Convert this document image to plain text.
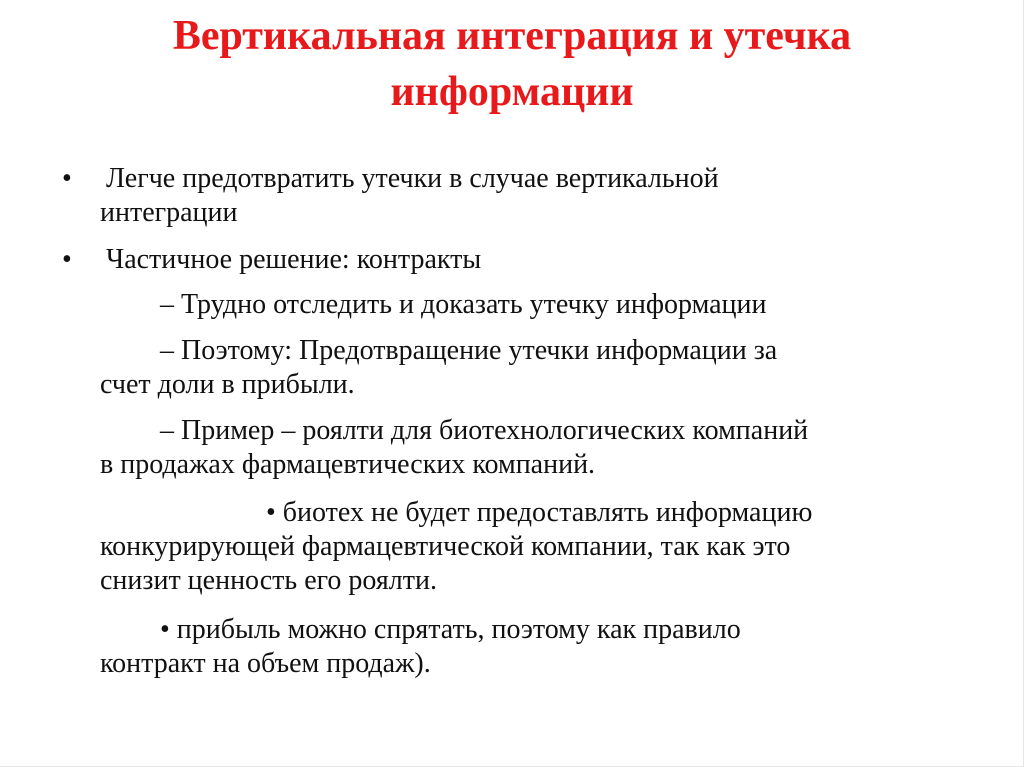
Вертикальная интеграция и утечка
информации
• Легче предотвратить утечки в случае вертикальной
интеграции
• Частичное решение: контракты
– Трудно отследить и доказать утечку информации
– Поэтому: Предотвращение утечки информации за
счет доли в прибыли.
– Пример – роялти для биотехнологических компаний
в продажах фармацевтических компаний.
• биотех не будет предоставлять информацию
конкурирующей фармацевтической компании, так как это
снизит ценность его роялти.
• прибыль можно спрятать, поэтому как правило
контракт на объем продаж).
